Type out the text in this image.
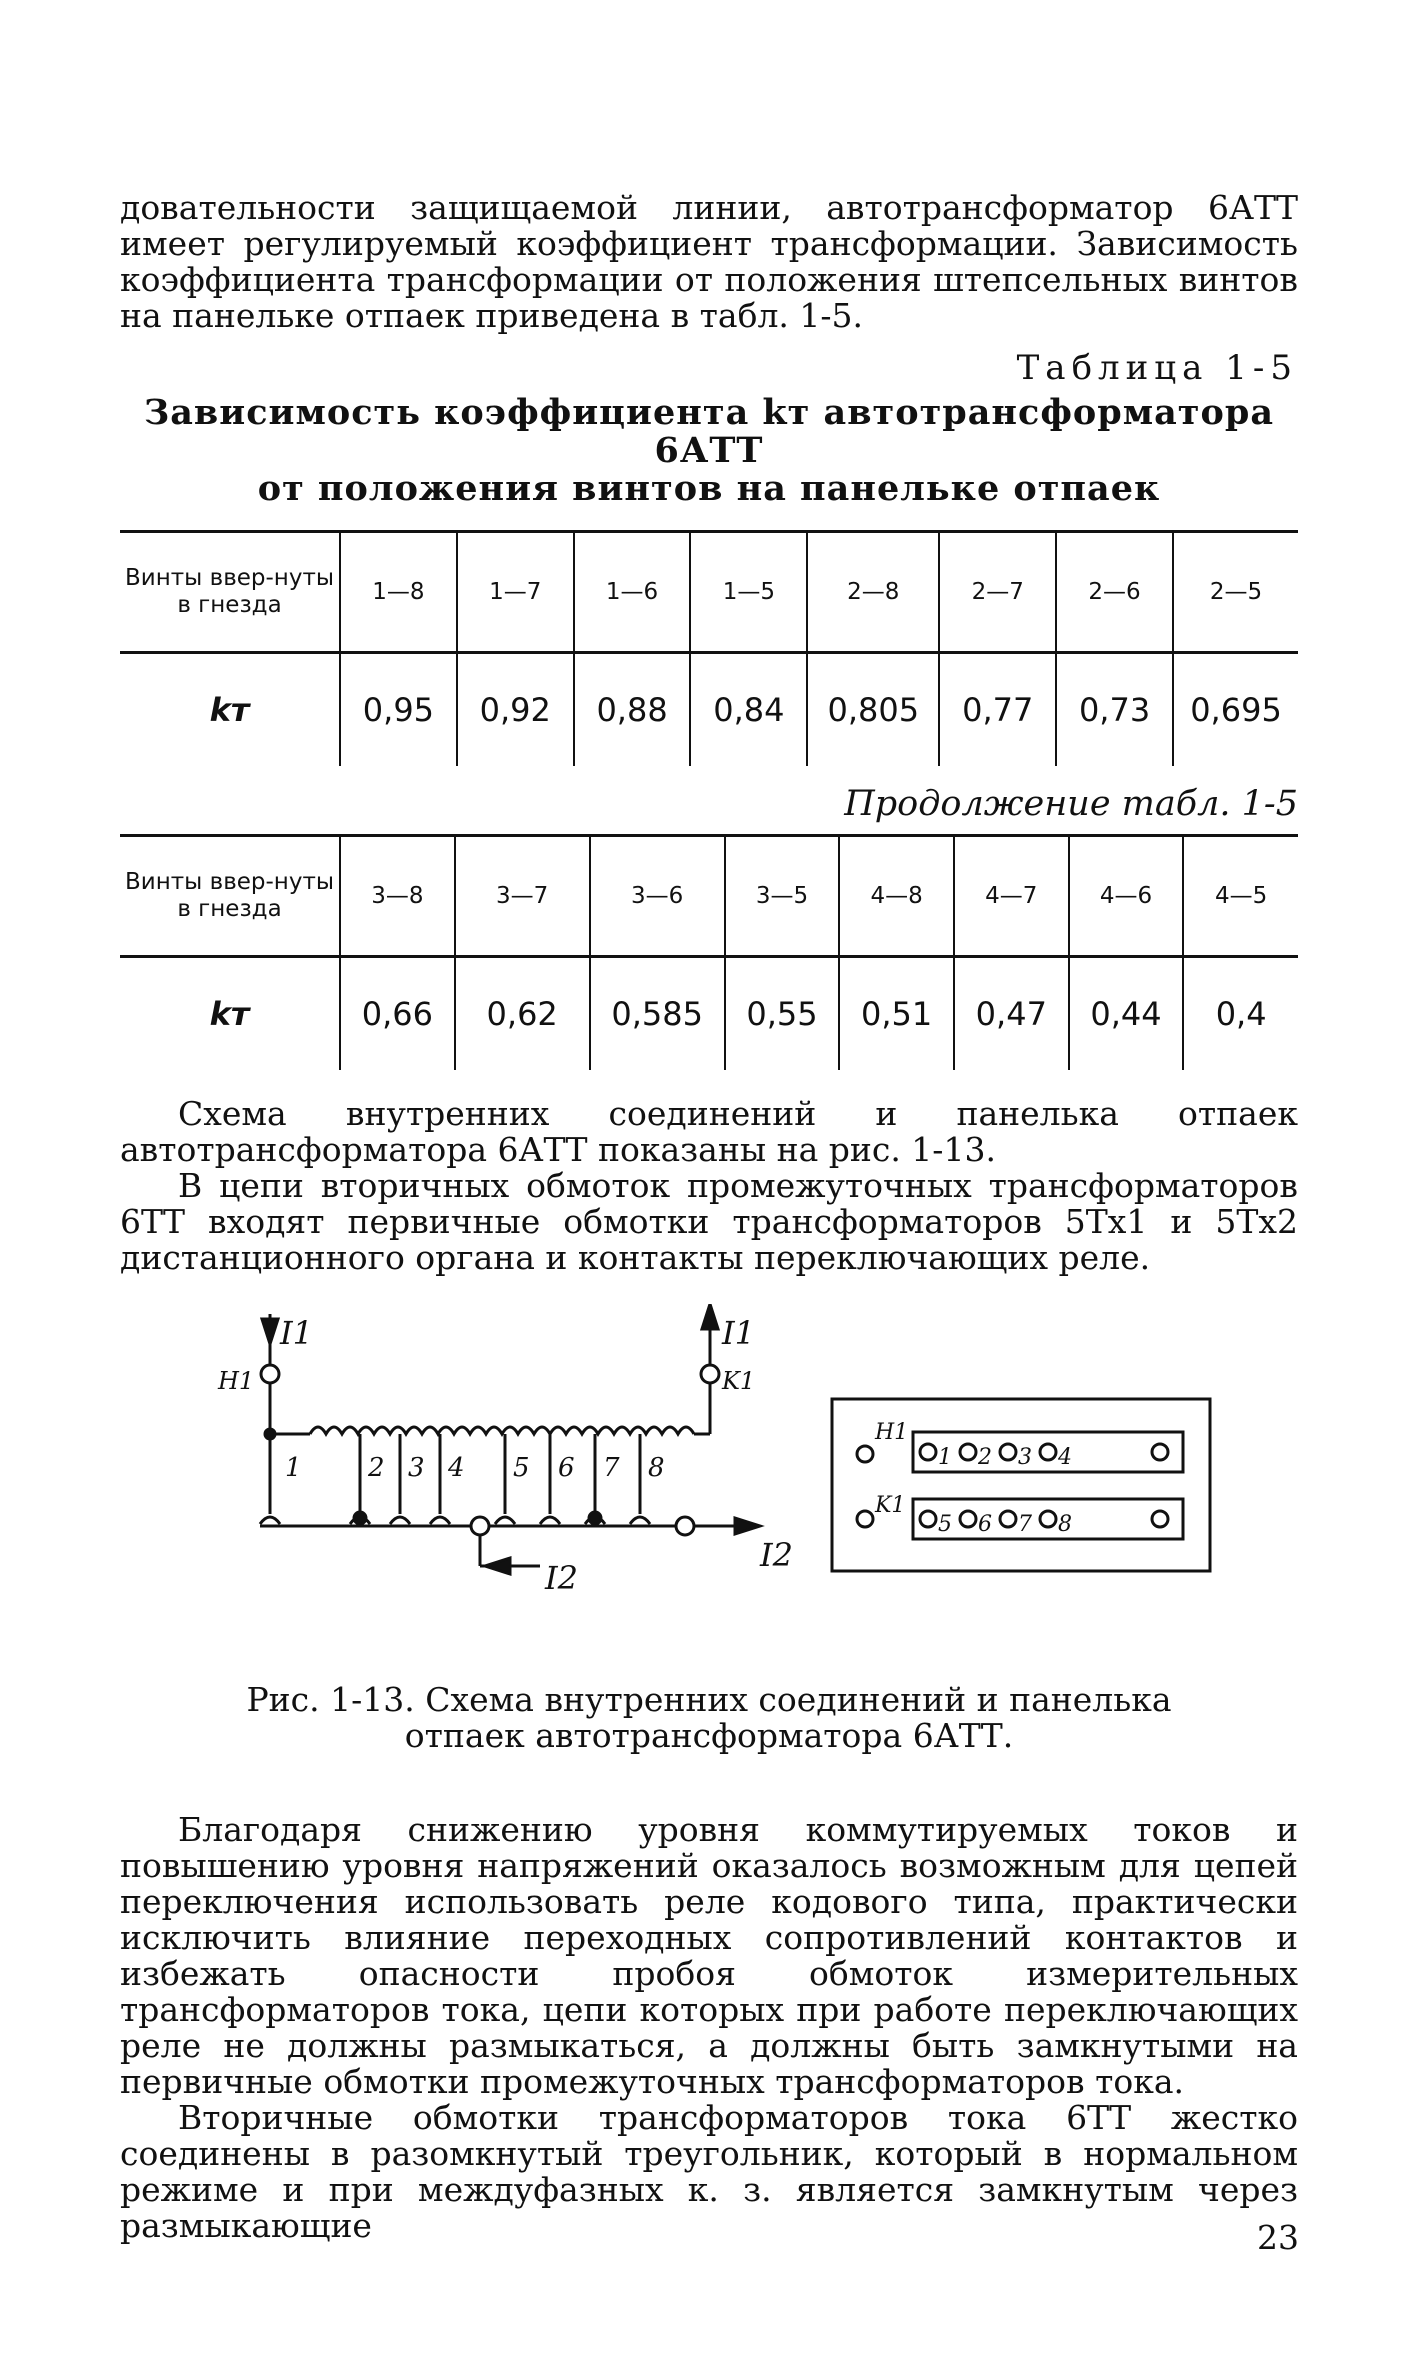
довательности защищаемой линии, автотрансформатор 6АТТ имеет регулируемый коэффициент трансформации. Зависимость коэффициента трансформации от положения штепсельных винтов на панельке отпаек приведена в табл. 1-5.

Таблица 1-5

Зависимость коэффициента kт автотрансформатора 6АТТ

от положения винтов на панельке отпаек

Винты ввер-нуты в гнезда	1—8	1—7	1—6	1—5	2—8	2—7	2—6	2—5
kт	0,95	0,92	0,88	0,84	0,805	0,77	0,73	0,695

Продолжение табл. 1-5

Винты ввер-нуты в гнезда	3—8	3—7	3—6	3—5	4—8	4—7	4—6	4—5
kт	0,66	0,62	0,585	0,55	0,51	0,47	0,44	0,4

Схема внутренних соединений и панелька отпаек автотрансформатора 6АТТ показаны на рис. 1-13.

В цепи вторичных обмоток промежуточных трансформаторов 6ТТ входят первичные обмотки трансформаторов 5Тх1 и 5Тх2 дистанционного органа и контакты переключающих реле.

I1
H1
I1
K1
1	2 3 4 5 6 7 8
I2
I2
H1
1 2 3 4
K1
5 6 7 8

Рис. 1-13. Схема внутренних соединений и панелька

отпаек автотрансформатора 6АТТ.

Благодаря снижению уровня коммутируемых токов и повышению уровня напряжений оказалось возможным для цепей переключения использовать реле кодового типа, практически исключить влияние переходных сопротивлений контактов и избежать опасности пробоя обмоток измерительных трансформаторов тока, цепи которых при работе переключающих реле не должны размыкаться, а должны быть замкнутыми на первичные обмотки промежуточных трансформаторов тока.

Вторичные обмотки трансформаторов тока 6ТТ жестко соединены в разомкнутый треугольник, который в нормальном режиме и при междуфазных к. з. является замкнутым через размыкающие	23
